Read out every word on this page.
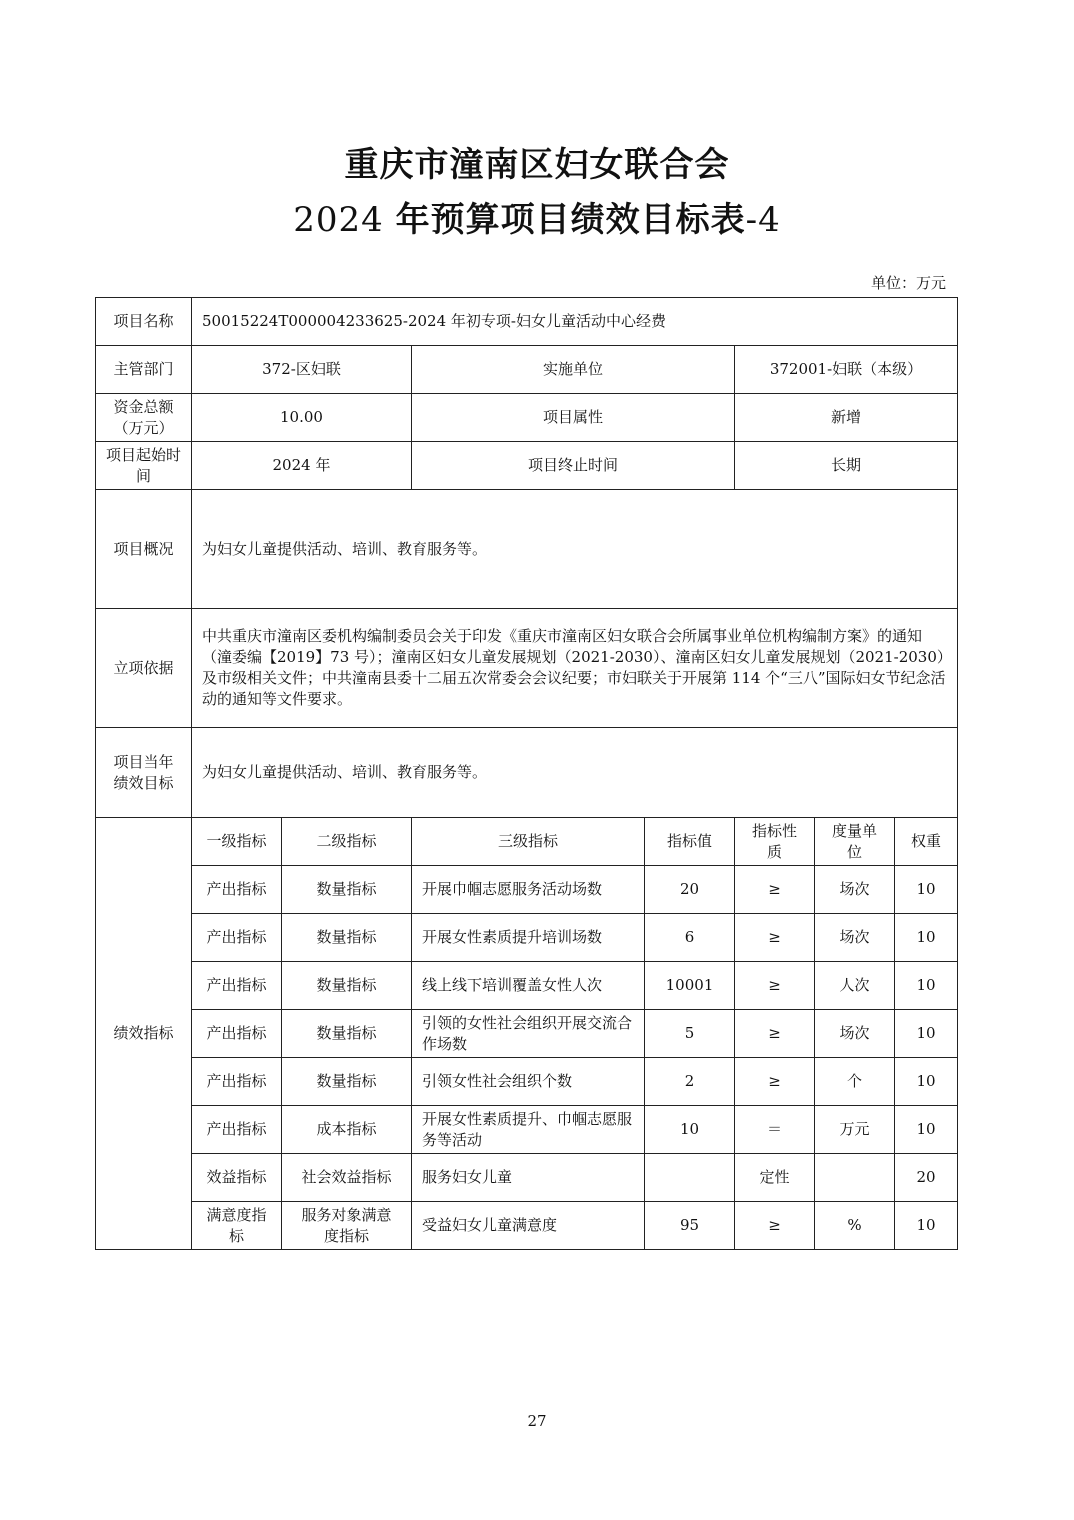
重庆市潼南区妇女联合会
2024 年预算项目绩效目标表-4
单位：万元
项目名称	50015224T000004233625-2024 年初专项-妇女儿童活动中心经费						
主管部门	372-区妇联		实施单位		372001-妇联（本级）		
资金总额（万元）	10.00		项目属性		新增		
项目起始时间	2024 年		项目终止时间		长期		
项目概况	为妇女儿童提供活动、培训、教育服务等。						
立项依据	中共重庆市潼南区委机构编制委员会关于印发《重庆市潼南区妇女联合会所属事业单位机构编制方案》的通知（潼委编【2019】73 号）；潼南区妇女儿童发展规划（2021-2030）、潼南区妇女儿童发展规划（2021-2030）及市级相关文件；中共潼南县委十二届五次常委会会议纪要；市妇联关于开展第 114 个“三八”国际妇女节纪念活动的通知等文件要求。						
项目当年绩效目标	为妇女儿童提供活动、培训、教育服务等。						
绩效指标	一级指标	二级指标	三级指标	指标值	指标性质	度量单位	权重
	产出指标	数量指标	开展巾帼志愿服务活动场数	20	≥	场次	10
	产出指标	数量指标	开展女性素质提升培训场数	6	≥	场次	10
	产出指标	数量指标	线上线下培训覆盖女性人次	10001	≥	人次	10
	产出指标	数量指标	引领的女性社会组织开展交流合作场数	5	≥	场次	10
	产出指标	数量指标	引领女性社会组织个数	2	≥	个	10
	产出指标	成本指标	开展女性素质提升、巾帼志愿服务等活动	10	＝	万元	10
	效益指标	社会效益指标	服务妇女儿童		定性		20
	满意度指标	服务对象满意度指标	受益妇女儿童满意度	95	≥	%	10
27
